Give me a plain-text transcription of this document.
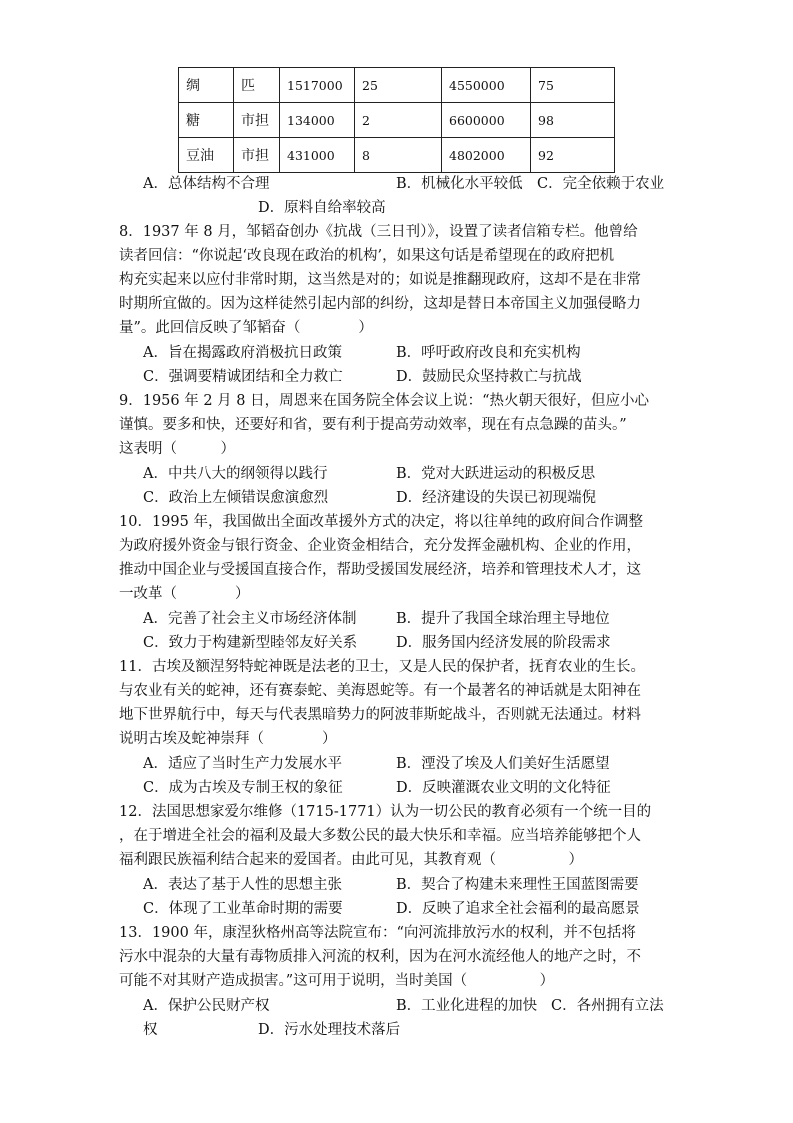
绸	匹	1517000	25	4550000	75
糖	市担	134000	2	6600000	98
豆油	市担	431000	8	4802000	92
A．总体结构不合理	B．机械化水平较低 C．完全依赖于农业
D．原料自给率较高
8．1937 年 8 月，邹韬奋创办《抗战（三日刊）》，设置了读者信箱专栏。他曾给
读者回信：“你说起‘改良现在政治的机构’，如果这句话是希望现在的政府把机
构充实起来以应付非常时期，这当然是对的；如说是推翻现政府，这却不是在非常
时期所宜做的。因为这样徒然引起内部的纠纷，这却是替日本帝国主义加强侵略力
量”。此回信反映了邹韬奋（　　　　）
A．旨在揭露政府消极抗日政策	B．呼吁政府改良和充实机构
C．强调要精诚团结和全力救亡	D．鼓励民众坚持救亡与抗战
9．1956 年 2 月 8 日，周恩来在国务院全体会议上说：“热火朝天很好，但应小心
谨慎。要多和快，还要好和省，要有利于提高劳动效率，现在有点急躁的苗头。”
这表明（　　　）
A．中共八大的纲领得以践行	B．党对大跃进运动的积极反思
C．政治上左倾错误愈演愈烈	D．经济建设的失误已初现端倪
10．1995 年，我国做出全面改革援外方式的决定，将以往单纯的政府间合作调整
为政府援外资金与银行资金、企业资金相结合，充分发挥金融机构、企业的作用，
推动中国企业与受援国直接合作，帮助受援国发展经济，培养和管理技术人才，这
一改革（　　　　）
A．完善了社会主义市场经济体制	B．提升了我国全球治理主导地位
C．致力于构建新型睦邻友好关系	D．服务国内经济发展的阶段需求
11．古埃及额涅努特蛇神既是法老的卫士，又是人民的保护者，抚育农业的生长。
与农业有关的蛇神，还有赛泰蛇、美海恩蛇等。有一个最著名的神话就是太阳神在
地下世界航行中，每天与代表黑暗势力的阿波菲斯蛇战斗，否则就无法通过。材料
说明古埃及蛇神崇拜（　　　　）
A．适应了当时生产力发展水平	B．湮没了埃及人们美好生活愿望
C．成为古埃及专制王权的象征	D．反映灌溉农业文明的文化特征
12．法国思想家爱尔维修（1715-1771）认为一切公民的教育必须有一个统一目的
，在于增进全社会的福利及最大多数公民的最大快乐和幸福。应当培养能够把个人
福利跟民族福利结合起来的爱国者。由此可见，其教育观（　　　　　）
A．表达了基于人性的思想主张	B．契合了构建未来理性王国蓝图需要
C．体现了工业革命时期的需要	D．反映了追求全社会福利的最高愿景
13．1900 年，康涅狄格州高等法院宣布：“向河流排放污水的权利，并不包括将
污水中混杂的大量有毒物质排入河流的权利，因为在河水流经他人的地产之时，不
可能不对其财产造成损害。”这可用于说明，当时美国（　　　　　）
A．保护公民财产权	B．工业化进程的加快 C．各州拥有立法
权	D．污水处理技术落后
